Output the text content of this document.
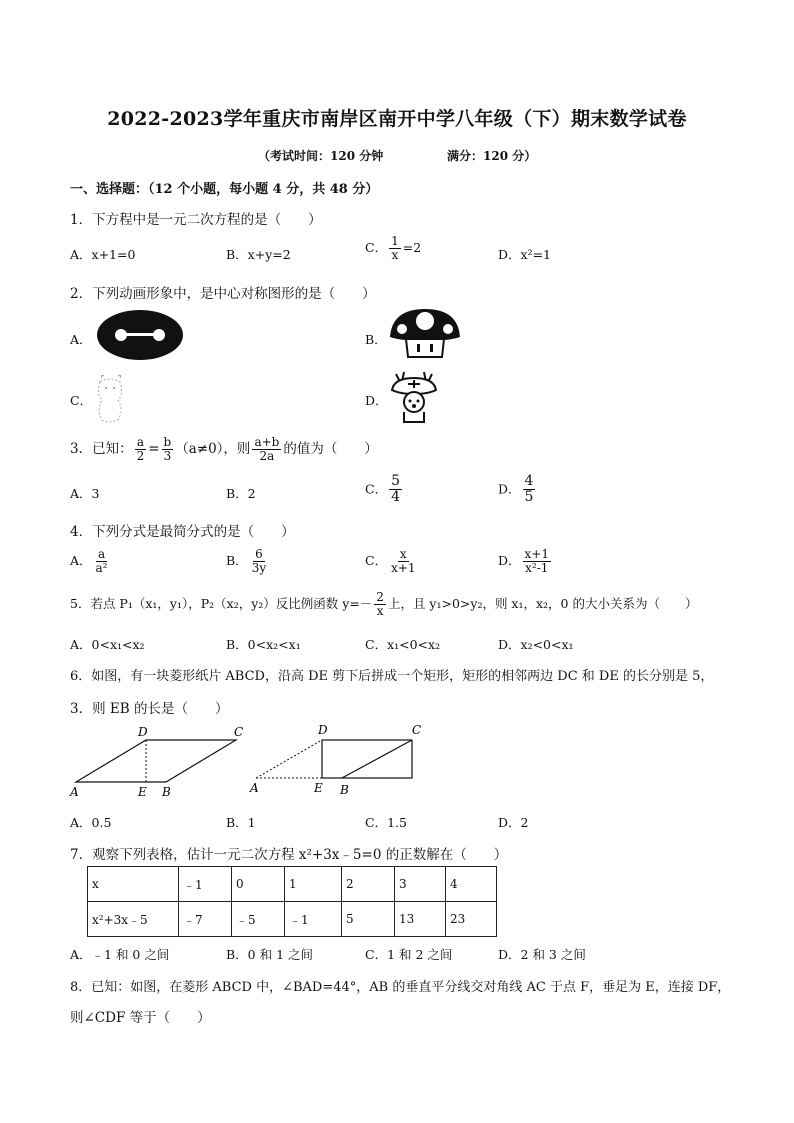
2022-2023学年重庆市南岸区南开中学八年级（下）期末数学试卷
（考试时间：120 分钟	满分：120 分）
一、选择题：（12 个小题，每小题 4 分，共 48 分）
1．下方程中是一元二次方程的是（　　）
A．x+1=0	B．x+y=2	C． $\frac{1}{x} =2$	D．x²=1
2．下列动画形象中，是中心对称图形的是（　　）
A．	B．
C．	D．
3．已知： $\frac{a}{2} = \frac{b}{3} (a\ne 0)$，则 $\frac{a+b}{2a}$ 的值为（　　）
A．3	B．2	C． $\frac{5}{4}$	D． $\frac{4}{5}$
4．下列分式是最简分式的是（　　）
A． $\frac{a}{\text{a²}}$	B． $\frac{6}{3y}$	C． $\frac{x}{x+1}$	D． $\frac{x+1}{\text{x²-1}}$
5．若点 P₁（x₁，y₁），P₂（x₂，y₂）反比例函数 $y=- \frac{2}{x}$ 上，且 y₁>0>y₂，则 x₁，x₂，0 的大小关系为（　　）
A．0<x₁<x₂	B．0<x₂<x₁	C．x₁<0<x₂	D．x₂<0<x₁
6．如图，有一块菱形纸片 ABCD，沿高 DE 剪下后拼成一个矩形，矩形的相邻两边 DC 和 DE 的长分别是 5，
3．则 EB 的长是（　　）
D	C
A	E B
D	C
A	E B
A．0.5	B．1	C．1.5	D．2
7．观察下列表格，估计一元二次方程 x²+3x﹣5=0 的正数解在（　　）
x	﹣1	0	1	2	3	4
x²+3x﹣5	﹣7	﹣5	﹣1	5	13	23
A．﹣1 和 0 之间	B．0 和 1 之间	C．1 和 2 之间	D．2 和 3 之间
8．已知：如图，在菱形 ABCD 中，∠BAD=44°，AB 的垂直平分线交对角线 AC 于点 F，垂足为 E，连接 DF，
则∠CDF 等于（　　）
